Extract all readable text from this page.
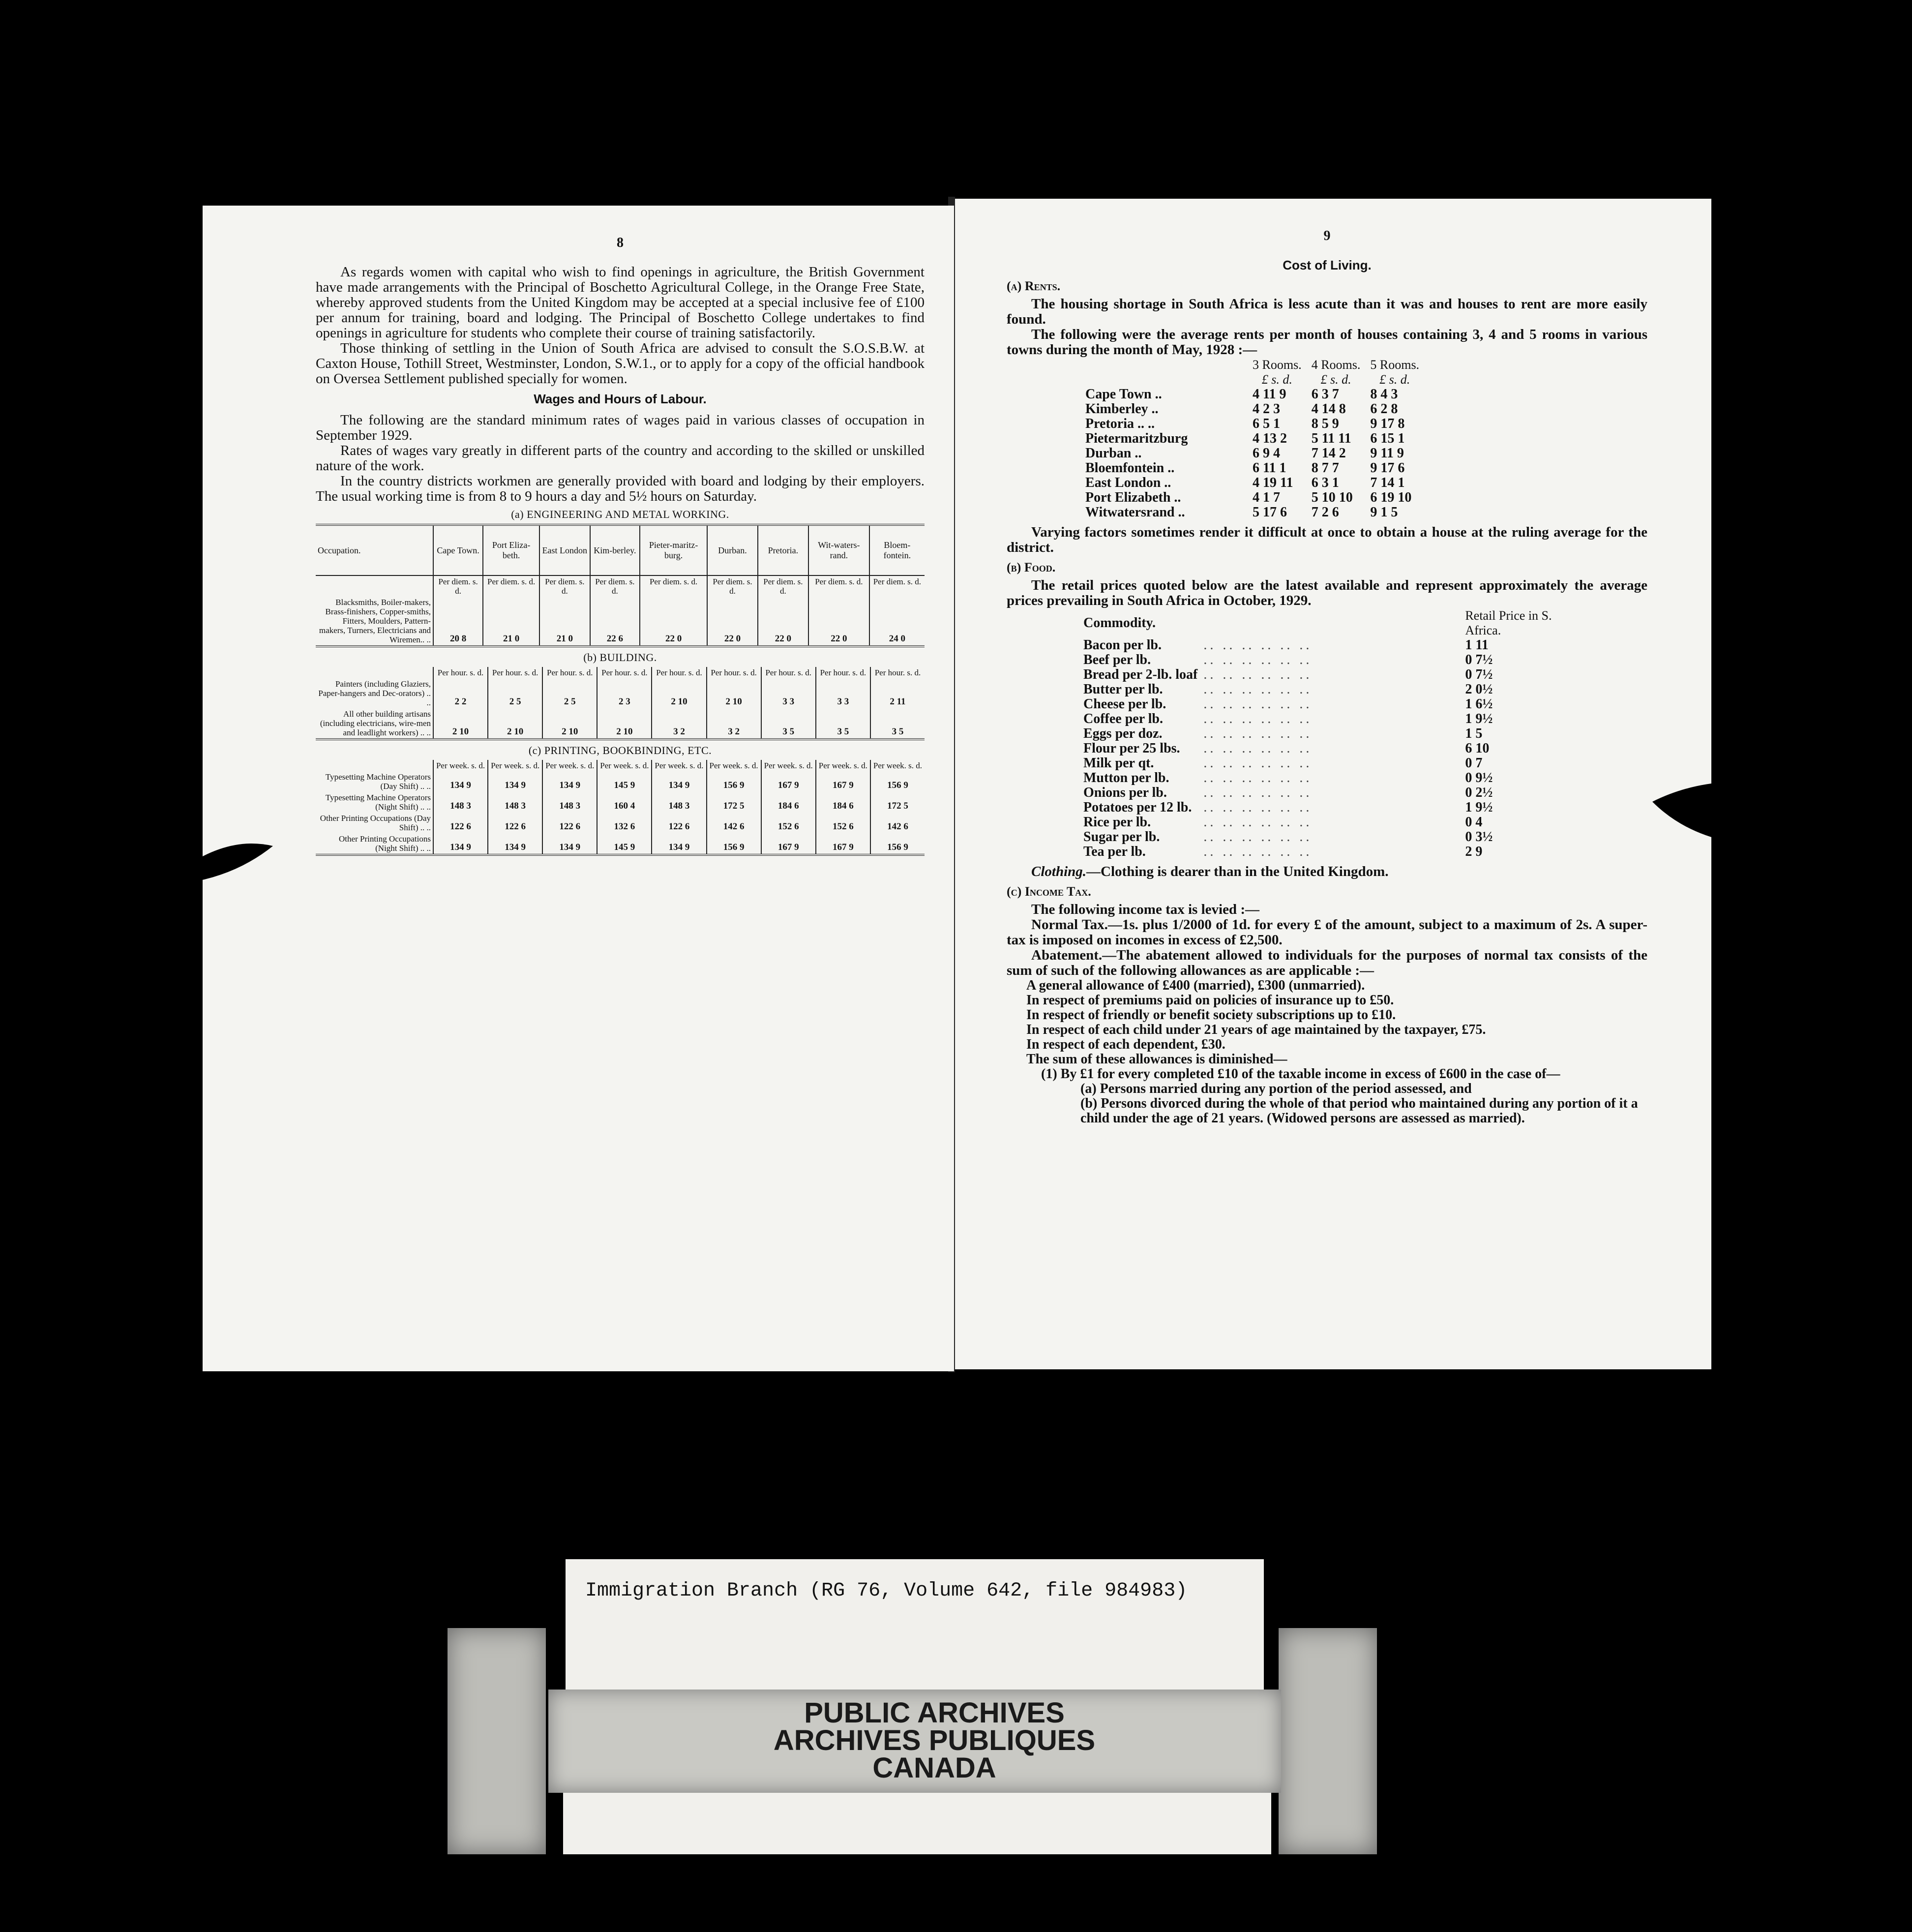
8

As regards women with capital who wish to find openings in agriculture, the British Government have made arrangements with the Principal of Boschetto Agricultural College, in the Orange Free State, whereby approved students from the United Kingdom may be accepted at a special inclusive fee of £100 per annum for training, board and lodging. The Principal of Boschetto College undertakes to find openings in agriculture for students who complete their course of training satisfactorily.

Those thinking of settling in the Union of South Africa are advised to consult the S.O.S.B.W. at Caxton House, Tothill Street, Westminster, London, S.W.1., or to apply for a copy of the official handbook on Oversea Settlement published specially for women.

Wages and Hours of Labour.

The following are the standard minimum rates of wages paid in various classes of occupation in September 1929.

Rates of wages vary greatly in different parts of the country and according to the skilled or unskilled nature of the work.

In the country districts workmen are generally provided with board and lodging by their employers. The usual working time is from 8 to 9 hours a day and 5½ hours on Saturday.

(a) ENGINEERING AND METAL WORKING.

Occupation.	Cape Town.	Port Eliza-beth.	East London	Kim-berley.	Pieter-maritz-burg.	Durban.	Pretoria.	Wit-waters-rand.	Bloem-fontein.
	Per diem. s. d.	Per diem. s. d.	Per diem. s. d.	Per diem. s. d.	Per diem. s. d.	Per diem. s. d.	Per diem. s. d.	Per diem. s. d.	Per diem. s. d.
Blacksmiths, Boiler-makers, Brass-finishers, Copper-smiths, Fitters, Moulders, Pattern-makers, Turners, Electricians and Wiremen.. ..	20 8	21 0	21 0	22 6	22 0	22 0	22 0	22 0	24 0

(b) BUILDING.

	Per hour. s. d.	Per hour. s. d.	Per hour. s. d.	Per hour. s. d.	Per hour. s. d.	Per hour. s. d.	Per hour. s. d.	Per hour. s. d.	Per hour. s. d.
Painters (including Glaziers, Paper-hangers and Dec-orators) .. ..	2 2	2 5	2 5	2 3	2 10	2 10	3 3	3 3	2 11
All other building artisans (including electricians, wire-men and leadlight workers) .. ..	2 10	2 10	2 10	2 10	3 2	3 2	3 5	3 5	3 5

(c) PRINTING, BOOKBINDING, ETC.

	Per week. s. d.	Per week. s. d.	Per week. s. d.	Per week. s. d.	Per week. s. d.	Per week. s. d.	Per week. s. d.	Per week. s. d.	Per week. s. d.
Typesetting Machine Operators (Day Shift) .. ..	134 9	134 9	134 9	145 9	134 9	156 9	167 9	167 9	156 9
Typesetting Machine Operators (Night Shift) .. ..	148 3	148 3	148 3	160 4	148 3	172 5	184 6	184 6	172 5
Other Printing Occupations (Day Shift) .. ..	122 6	122 6	122 6	132 6	122 6	142 6	152 6	152 6	142 6
Other Printing Occupations (Night Shift) .. ..	134 9	134 9	134 9	145 9	134 9	156 9	167 9	167 9	156 9

9

Cost of Living.

(a) Rents.

The housing shortage in South Africa is less acute than it was and houses to rent are more easily found.

The following were the average rents per month of houses containing 3, 4 and 5 rooms in various towns during the month of May, 1928 :—

	3 Rooms.	4 Rooms.	5 Rooms.
	£ s. d.	£ s. d.	£ s. d.
Cape Town ..	4 11 9	6 3 7	8 4 3
Kimberley ..	4 2 3	4 14 8	6 2 8
Pretoria .. ..	6 5 1	8 5 9	9 17 8
Pietermaritzburg	4 13 2	5 11 11	6 15 1
Durban ..	6 9 4	7 14 2	9 11 9
Bloemfontein ..	6 11 1	8 7 7	9 17 6
East London ..	4 19 11	6 3 1	7 14 1
Port Elizabeth ..	4 1 7	5 10 10	6 19 10
Witwatersrand ..	5 17 6	7 2 6	9 1 5

Varying factors sometimes render it difficult at once to obtain a house at the ruling average for the district.

(b) Food.

The retail prices quoted below are the latest available and represent approximately the average prices prevailing in South Africa in October, 1929.

Commodity.		Retail Price in S. Africa.
Bacon per lb.	.. .. .. .. .. ..	1 11
Beef per lb.	.. .. .. .. .. ..	0 7½
Bread per 2-lb. loaf	.. .. .. .. .. ..	0 7½
Butter per lb.	.. .. .. .. .. ..	2 0½
Cheese per lb.	.. .. .. .. .. ..	1 6½
Coffee per lb.	.. .. .. .. .. ..	1 9½
Eggs per doz.	.. .. .. .. .. ..	1 5
Flour per 25 lbs.	.. .. .. .. .. ..	6 10
Milk per qt.	.. .. .. .. .. ..	0 7
Mutton per lb.	.. .. .. .. .. ..	0 9½
Onions per lb.	.. .. .. .. .. ..	0 2½
Potatoes per 12 lb.	.. .. .. .. .. ..	1 9½
Rice per lb.	.. .. .. .. .. ..	0 4
Sugar per lb.	.. .. .. .. .. ..	0 3½
Tea per lb.	.. .. .. .. .. ..	2 9

Clothing.—Clothing is dearer than in the United Kingdom.

(c) Income Tax.

The following income tax is levied :—

Normal Tax.—1s. plus 1/2000 of 1d. for every £ of the amount, subject to a maximum of 2s. A super-tax is imposed on incomes in excess of £2,500.

Abatement.—The abatement allowed to individuals for the purposes of normal tax consists of the sum of such of the following allowances as are applicable :—

A general allowance of £400 (married), £300 (unmarried).

In respect of premiums paid on policies of insurance up to £50.

In respect of friendly or benefit society subscriptions up to £10.

In respect of each child under 21 years of age maintained by the taxpayer, £75.

In respect of each dependent, £30.

The sum of these allowances is diminished—

(1) By £1 for every completed £10 of the taxable income in excess of £600 in the case of—

(a) Persons married during any portion of the period assessed, and

(b) Persons divorced during the whole of that period who maintained during any portion of it a child under the age of 21 years. (Widowed persons are assessed as married).

Immigration Branch (RG 76, Volume 642, file 984983)
PUBLIC ARCHIVES
ARCHIVES PUBLIQUES
CANADA
